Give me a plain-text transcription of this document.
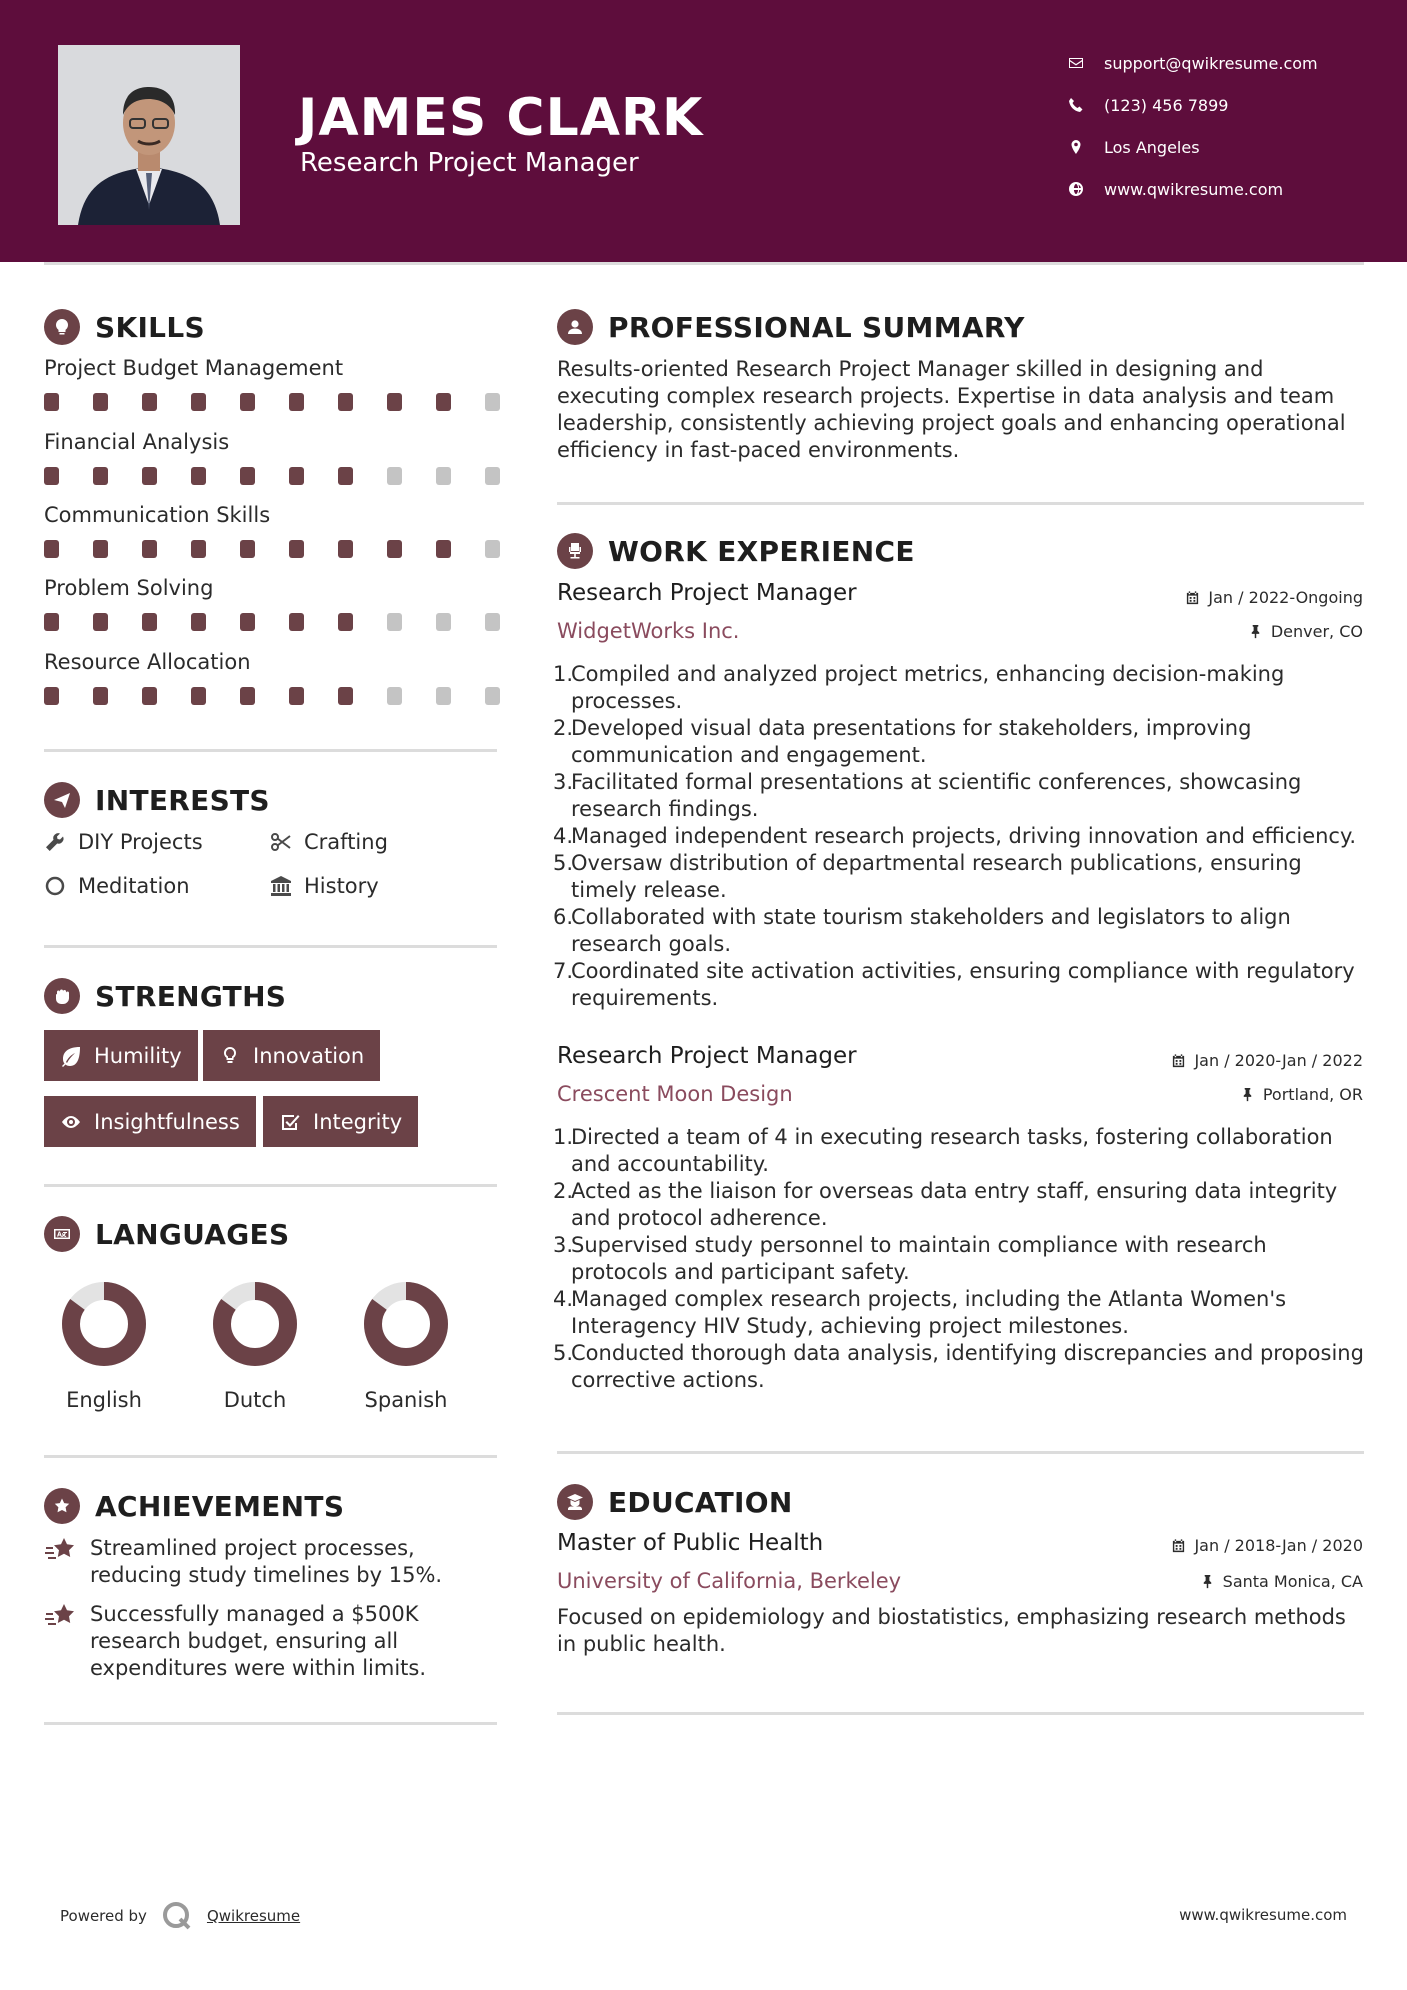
JAMES CLARK
Research Project Manager
support@qwikresume.com
(123) 456 7899
Los Angeles
www.qwikresume.com
SKILLS
Project Budget Management
Financial Analysis
Communication Skills
Problem Solving
Resource Allocation
INTERESTS
DIY Projects	Crafting
Meditation	History
STRENGTHS
Humility	Innovation
Insightfulness	Integrity
LANGUAGES
English	Dutch	Spanish
ACHIEVEMENTS
Streamlined project processes, reducing study timelines by 15%.
Successfully managed a $500K research budget, ensuring all expenditures were within limits.
PROFESSIONAL SUMMARY
Results-oriented Research Project Manager skilled in designing and executing complex research projects. Expertise in data analysis and team leadership, consistently achieving project goals and enhancing operational efficiency in fast-paced environments.
WORK EXPERIENCE
Research Project Manager	Jan / 2022-Ongoing
WidgetWorks Inc.	Denver, CO
1.
Compiled and analyzed project metrics, enhancing decision-making processes.
2.
Developed visual data presentations for stakeholders, improving communication and engagement.
3.
Facilitated formal presentations at scientific conferences, showcasing research findings.
4.
Managed independent research projects, driving innovation and efficiency.
5.
Oversaw distribution of departmental research publications, ensuring timely release.
6.
Collaborated with state tourism stakeholders and legislators to align research goals.
7.
Coordinated site activation activities, ensuring compliance with regulatory requirements.
Research Project Manager	Jan / 2020-Jan / 2022
Crescent Moon Design	Portland, OR
1.
Directed a team of 4 in executing research tasks, fostering collaboration and accountability.
2.
Acted as the liaison for overseas data entry staff, ensuring data integrity and protocol adherence.
3.
Supervised study personnel to maintain compliance with research protocols and participant safety.
4.
Managed complex research projects, including the Atlanta Women's Interagency HIV Study, achieving project milestones.
5.
Conducted thorough data analysis, identifying discrepancies and proposing corrective actions.
EDUCATION
Master of Public Health	Jan / 2018-Jan / 2020
University of California, Berkeley	Santa Monica, CA
Focused on epidemiology and biostatistics, emphasizing research methods in public health.
Powered by	Qwikresume	www.qwikresume.com
